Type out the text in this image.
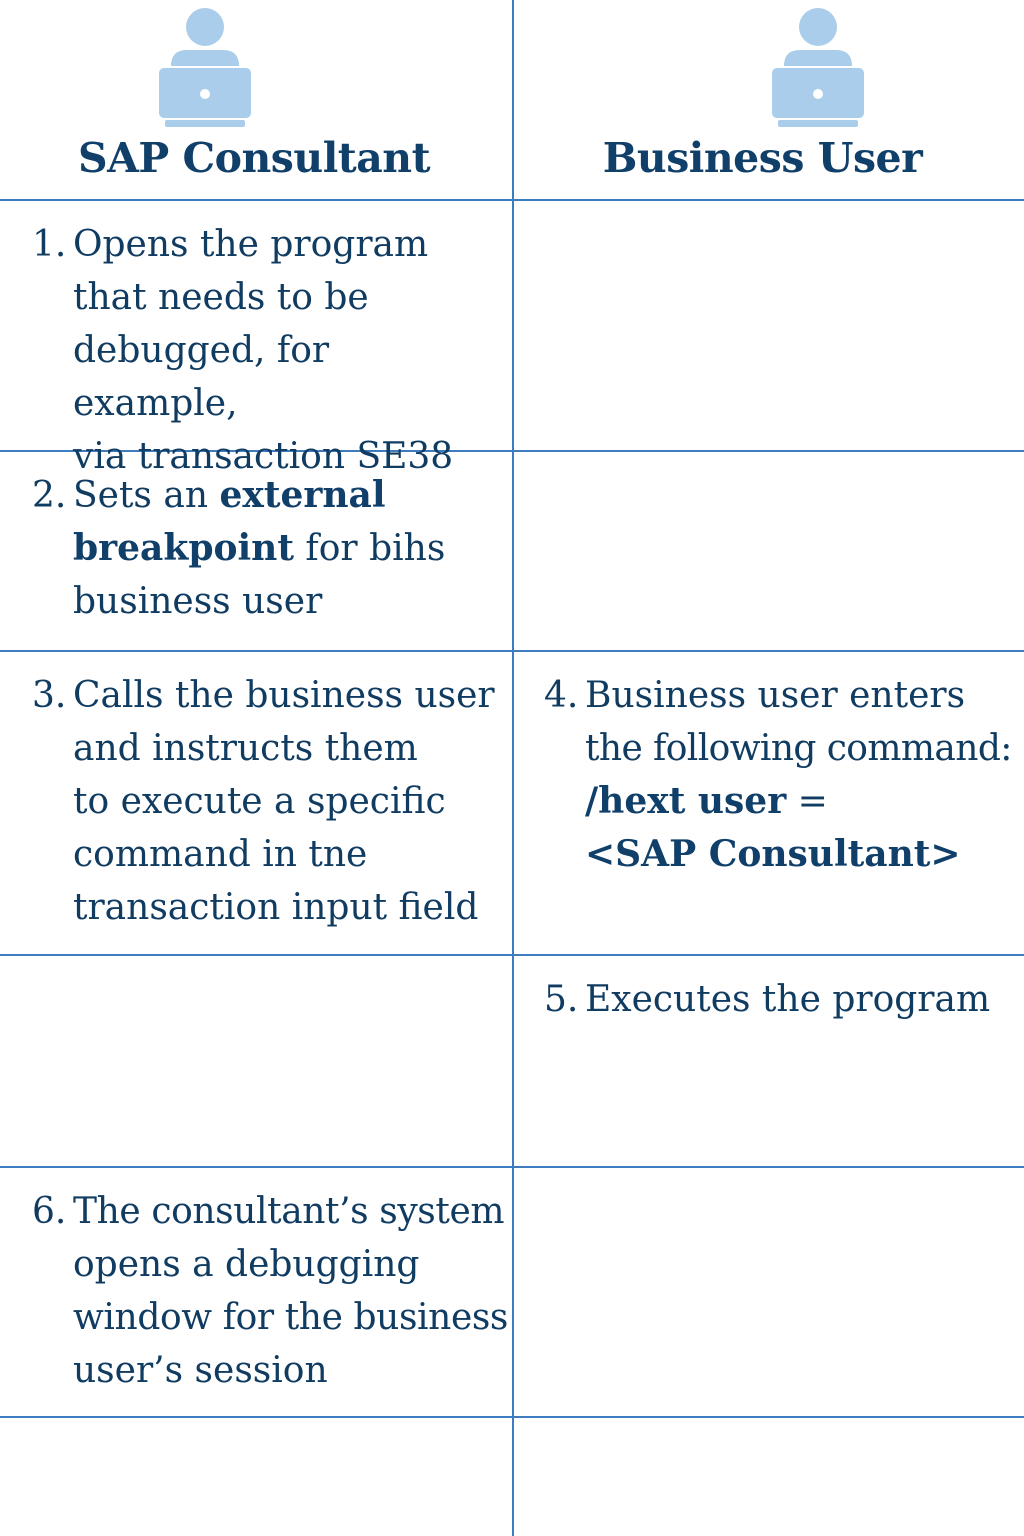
SAP Consultant	Business User
1. Opens the program
that needs to be
debugged, for example,
via transaction SE38
2. Sets an external
breakpoint for bihs
business user
3. Calls the business user
and instructs them
to execute a specific
command in tne
transaction input field
4. Business user enters
the following command:
/hext user =
<SAP Consultant>
5. Executes the program
6. The consultant’s system
opens a debugging
window for the business
user’s session
